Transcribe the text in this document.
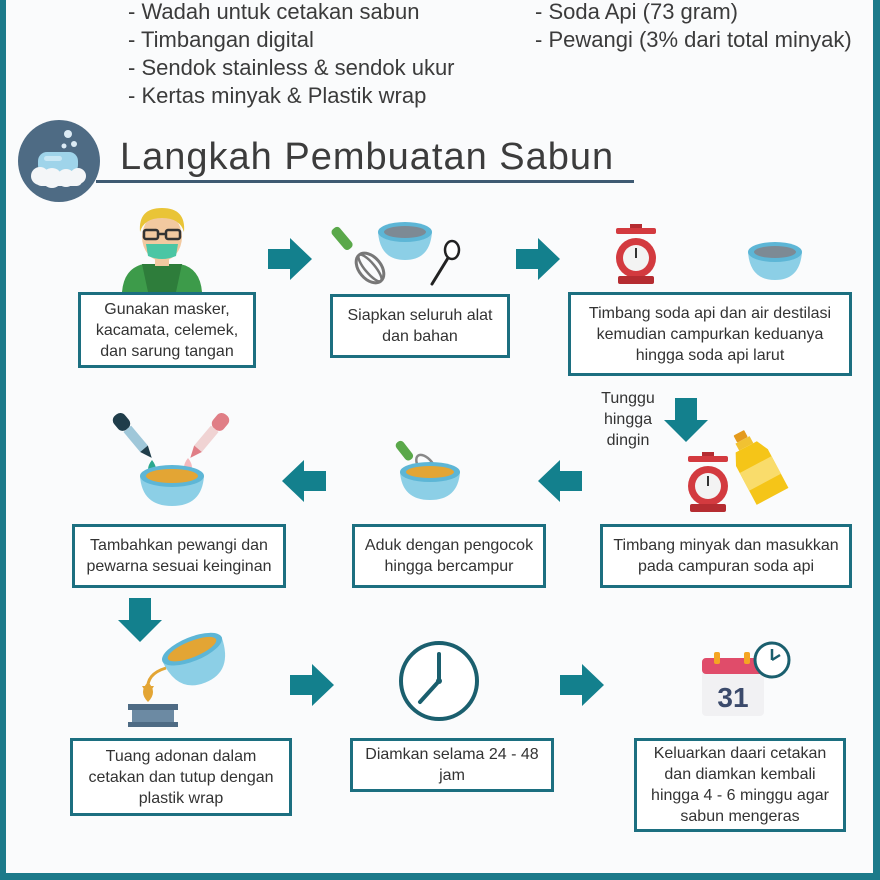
- Wadah untuk cetakan sabun
- Timbangan digital
- Sendok stainless & sendok ukur
- Kertas minyak & Plastik wrap
- Soda Api (73 gram)
- Pewangi (3% dari total minyak)
Langkah Pembuatan Sabun
Gunakan masker, kacamata, celemek, dan sarung tangan
Siapkan seluruh alat dan bahan
Timbang soda api dan air destilasi kemudian campurkan keduanya hingga soda api larut
Tunggu
hingga
dingin
Tambahkan pewangi dan pewarna sesuai keinginan
Aduk dengan pengocok hingga bercampur
Timbang minyak dan masukkan pada campuran soda api
31
Tuang adonan dalam cetakan dan tutup dengan plastik wrap
Diamkan selama 24 - 48 jam
Keluarkan daari cetakan dan diamkan kembali hingga 4 - 6 minggu agar sabun mengeras
